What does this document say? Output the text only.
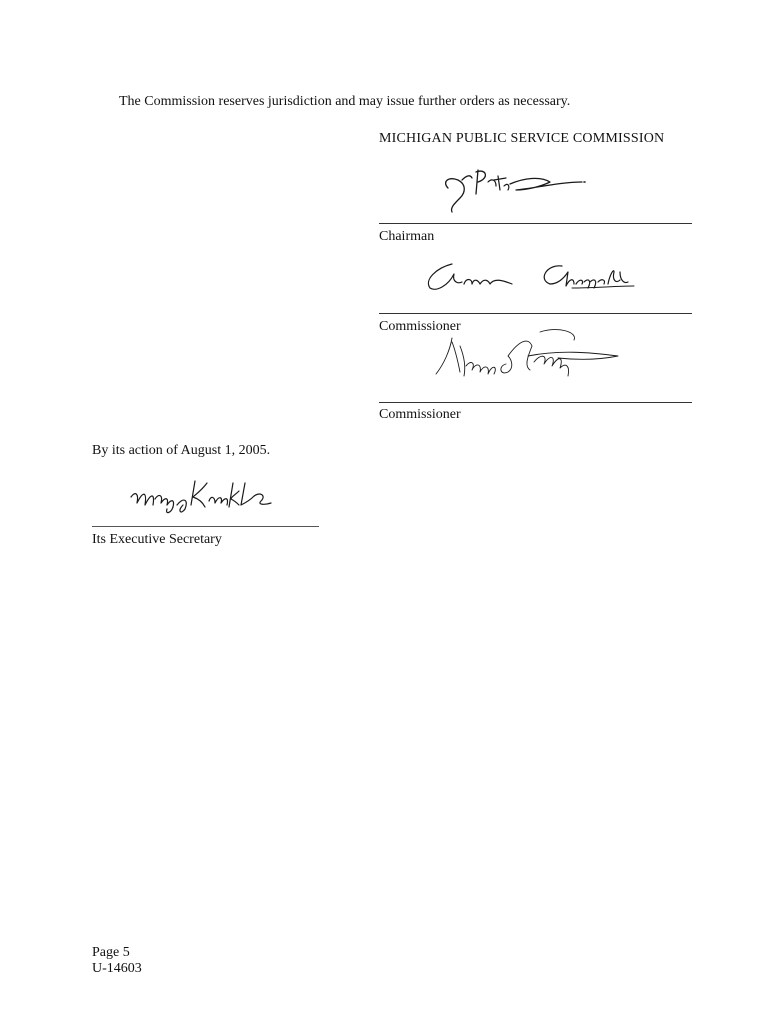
The Commission reserves jurisdiction and may issue further orders as necessary.
MICHIGAN PUBLIC SERVICE COMMISSION
Chairman
Commissioner
Commissioner
By its action of August 1, 2005.
Its Executive Secretary
Page 5
U-14603
